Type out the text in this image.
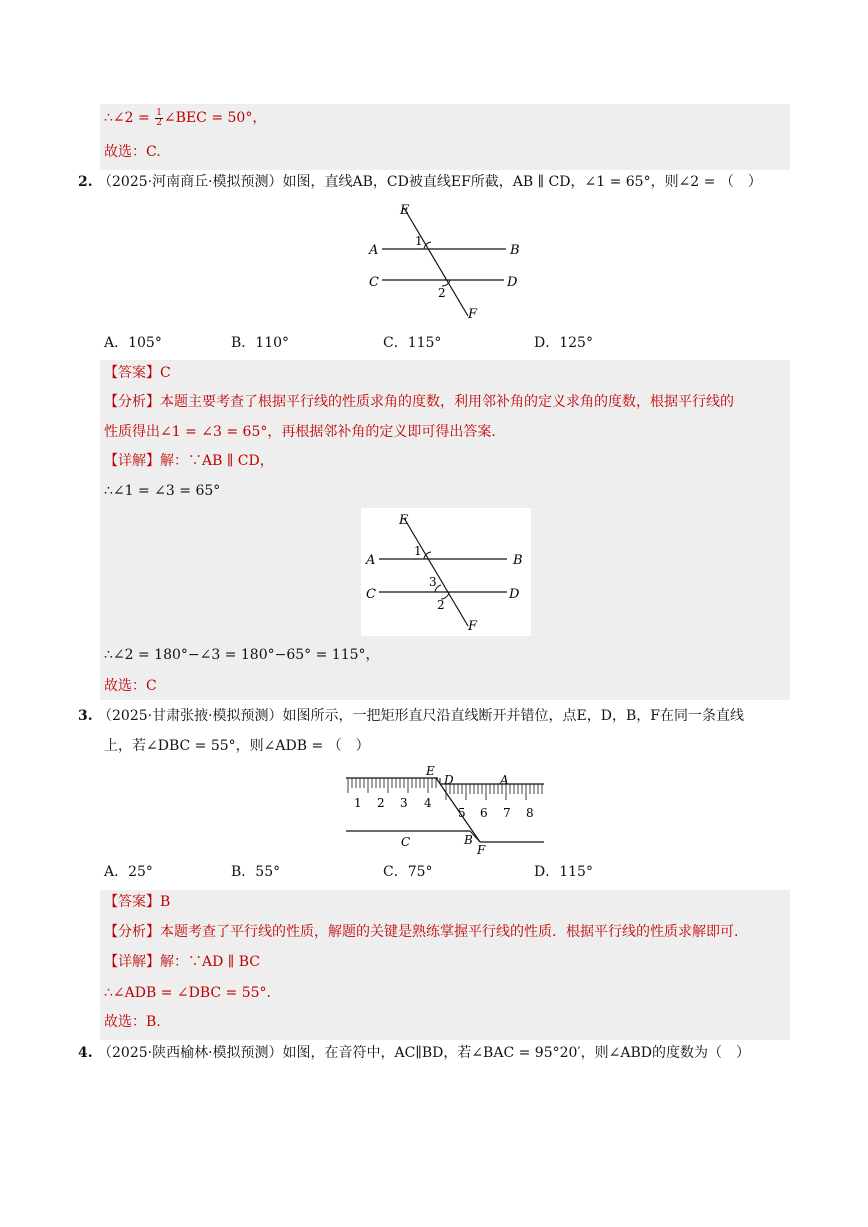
∴∠2 = $\frac{1}{2}$ ∠BEC = 50°，
故选：C.
2. （2025·河南商丘·模拟预测）如图，直线AB，CD被直线EF所截，AB ∥ CD，∠1 = 65°，则∠2 = （　）
E
A	B
C	D
F
1
2
A．105°	B．110°	C．115°	D．125°
【答案】C
【分析】本题主要考查了根据平行线的性质求角的度数，利用邻补角的定义求角的度数，根据平行线的
性质得出∠1 = ∠3 = 65°，再根据邻补角的定义即可得出答案.
【详解】解：∵AB ∥ CD，
∴∠1 = ∠3 = 65°
E
A	B
C	D
F
1
3
2
∴∠2 = 180°−∠3 = 180°−65° = 115°，
故选：C
3. （2025·甘肃张掖·模拟预测）如图所示，一把矩形直尺沿直线断开并错位，点E，D，B，F在同一条直线
上，若∠DBC = 55°，则∠ADB = （　）
1 2 3 4
5 6 7 8
E
D	A
C	B
F
A．25°	B．55°	C．75°	D．115°
【答案】B
【分析】本题考查了平行线的性质，解题的关键是熟练掌握平行线的性质．根据平行线的性质求解即可.
【详解】解：∵AD ∥ BC
∴∠ADB = ∠DBC = 55°.
故选：B.
4. （2025·陕西榆林·模拟预测）如图，在音符中，AC∥BD，若∠BAC = 95°20′，则∠ABD的度数为（　）
